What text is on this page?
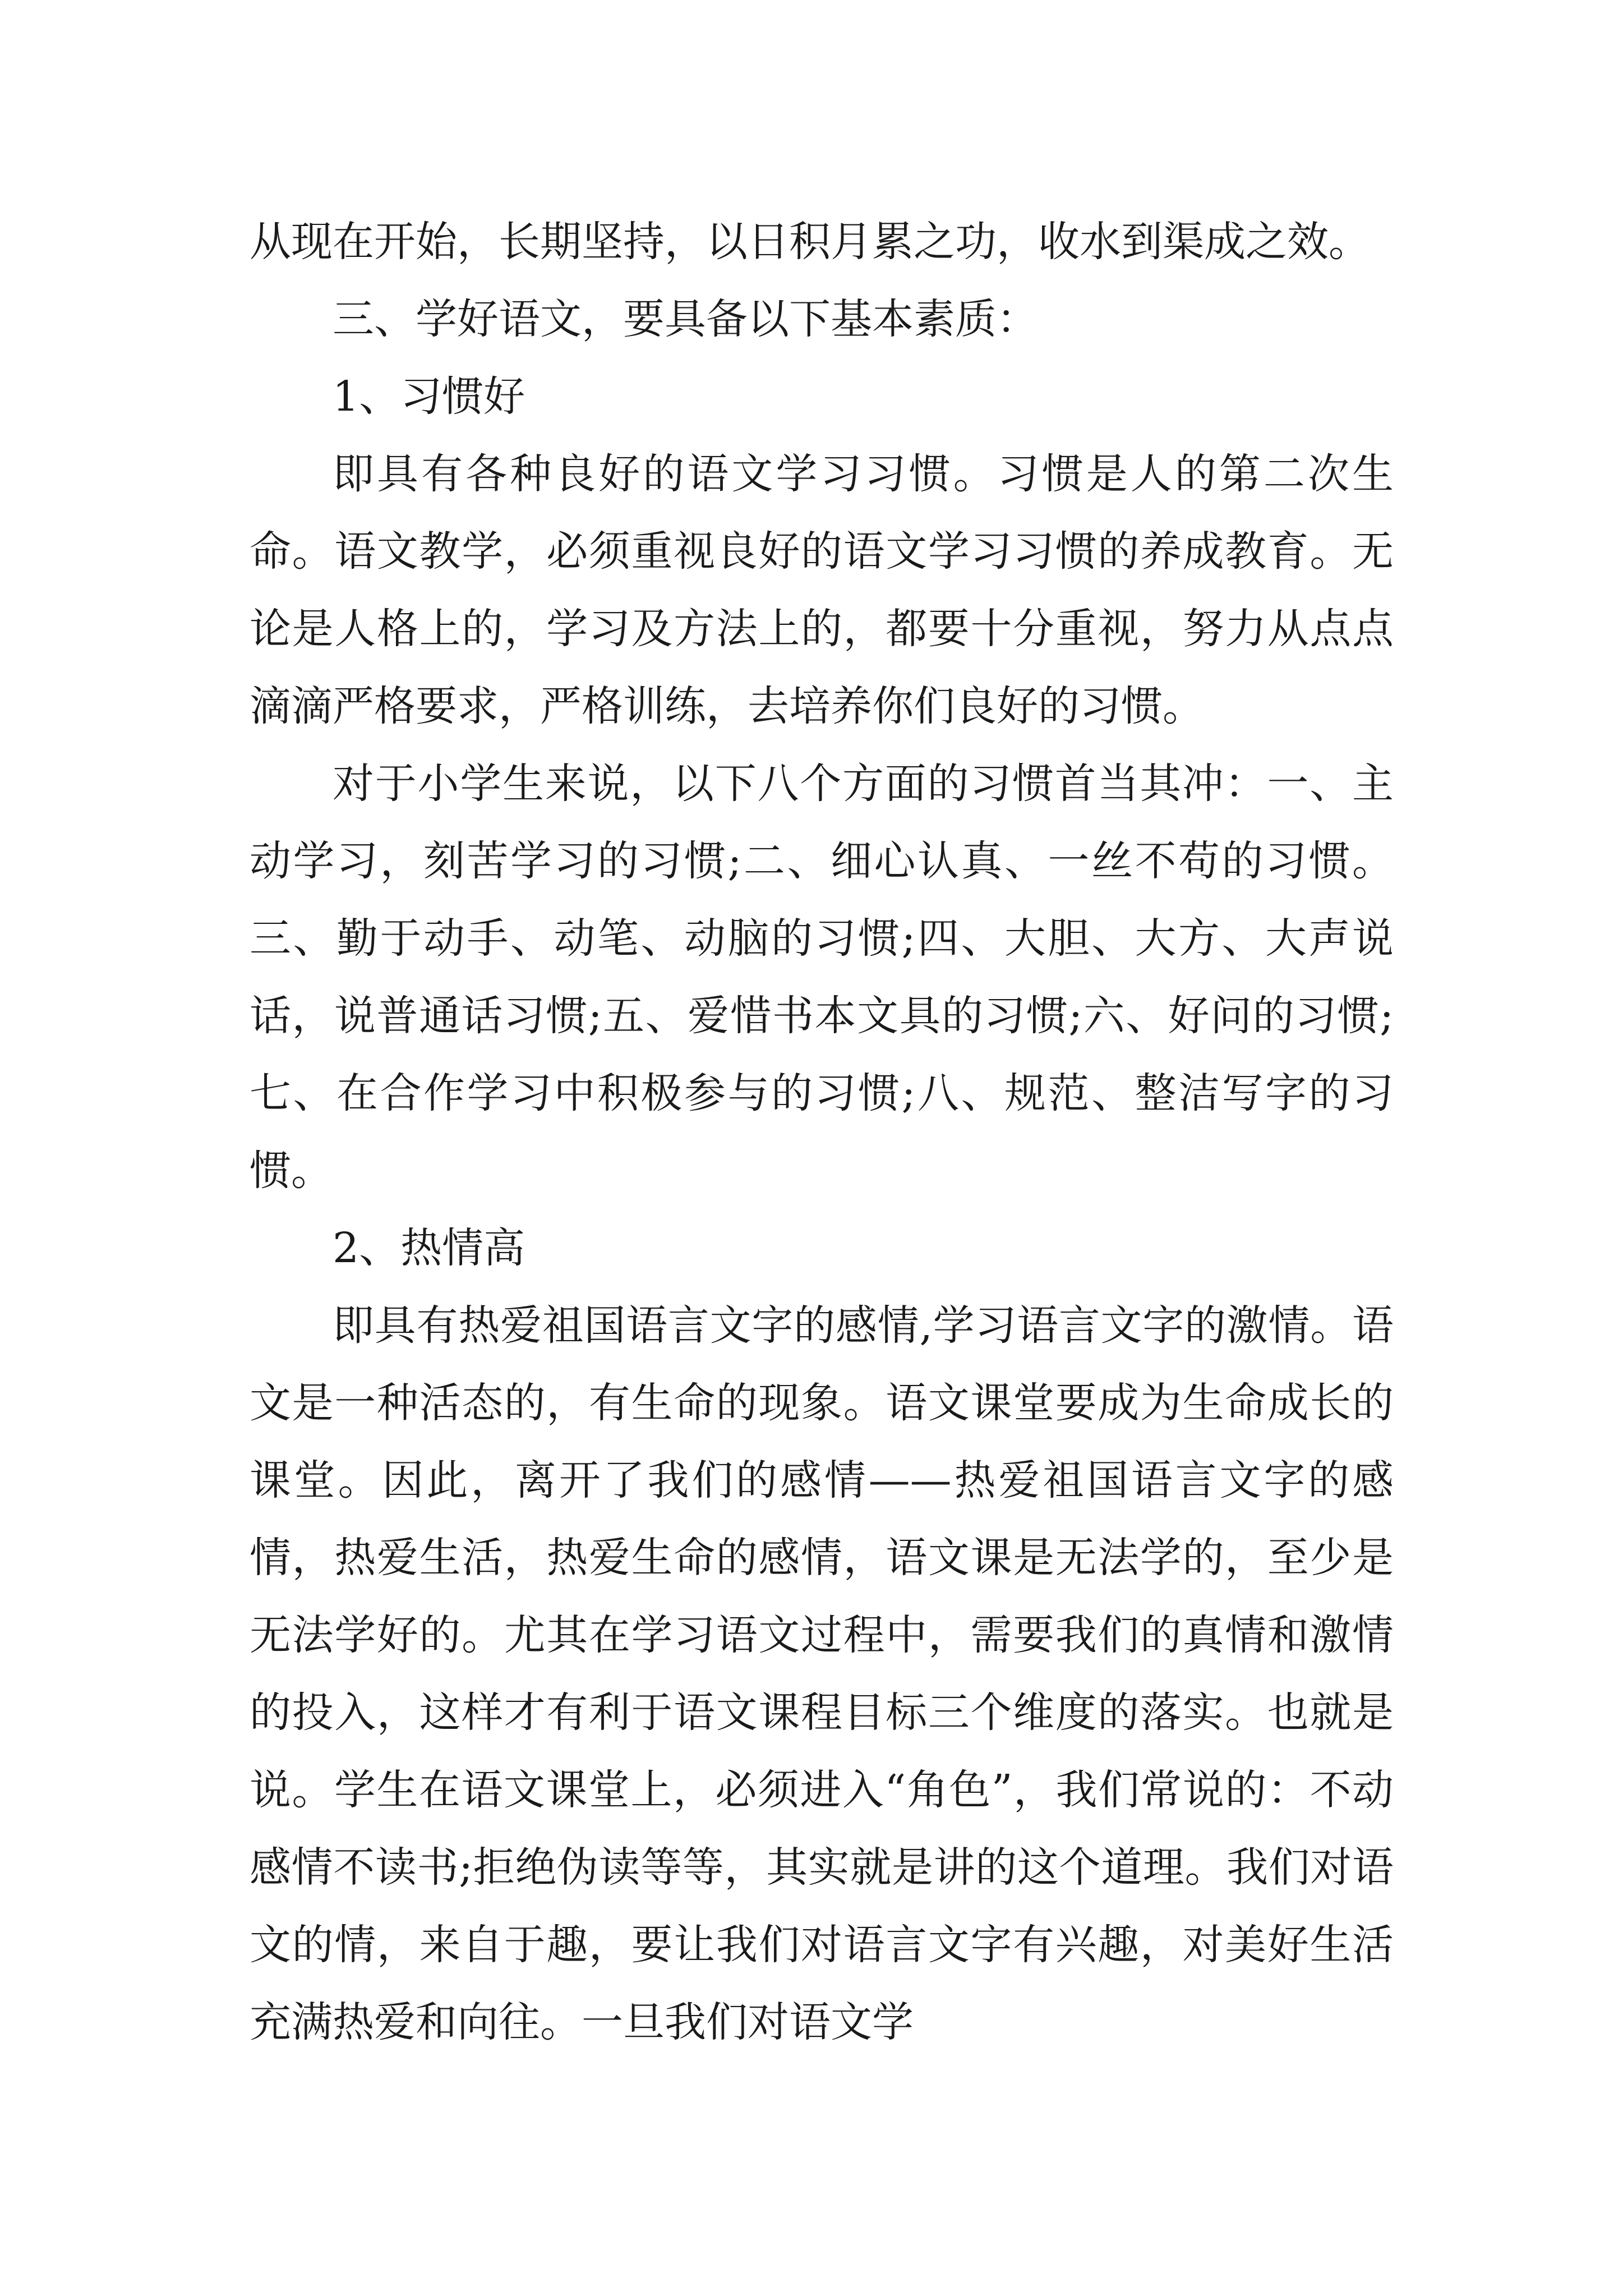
从现在开始，长期坚持，以日积月累之功，收水到渠成之效。

三、学好语文，要具备以下基本素质：

1、习惯好

即具有各种良好的语文学习习惯。习惯是人的第二次生命。语文教学，必须重视良好的语文学习习惯的养成教育。无论是人格上的，学习及方法上的，都要十分重视，努力从点点滴滴严格要求，严格训练，去培养你们良好的习惯。

对于小学生来说，以下八个方面的习惯首当其冲：一、主动学习，刻苦学习的习惯;二、细心认真、一丝不苟的习惯。三、勤于动手、动笔、动脑的习惯;四、大胆、大方、大声说话，说普通话习惯;五、爱惜书本文具的习惯;六、好问的习惯;七、在合作学习中积极参与的习惯;八、规范、整洁写字的习惯。

2、热情高

即具有热爱祖国语言文字的感情,学习语言文字的激情。语文是一种活态的，有生命的现象。语文课堂要成为生命成长的课堂。因此，离开了我们的感情——热爱祖国语言文字的感情，热爱生活，热爱生命的感情，语文课是无法学的，至少是无法学好的。尤其在学习语文过程中，需要我们的真情和激情的投入，这样才有利于语文课程目标三个维度的落实。也就是说。学生在语文课堂上，必须进入“角色”，我们常说的：不动感情不读书;拒绝伪读等等，其实就是讲的这个道理。我们对语文的情，来自于趣，要让我们对语言文字有兴趣，对美好生活充满热爱和向往。一旦我们对语文学
